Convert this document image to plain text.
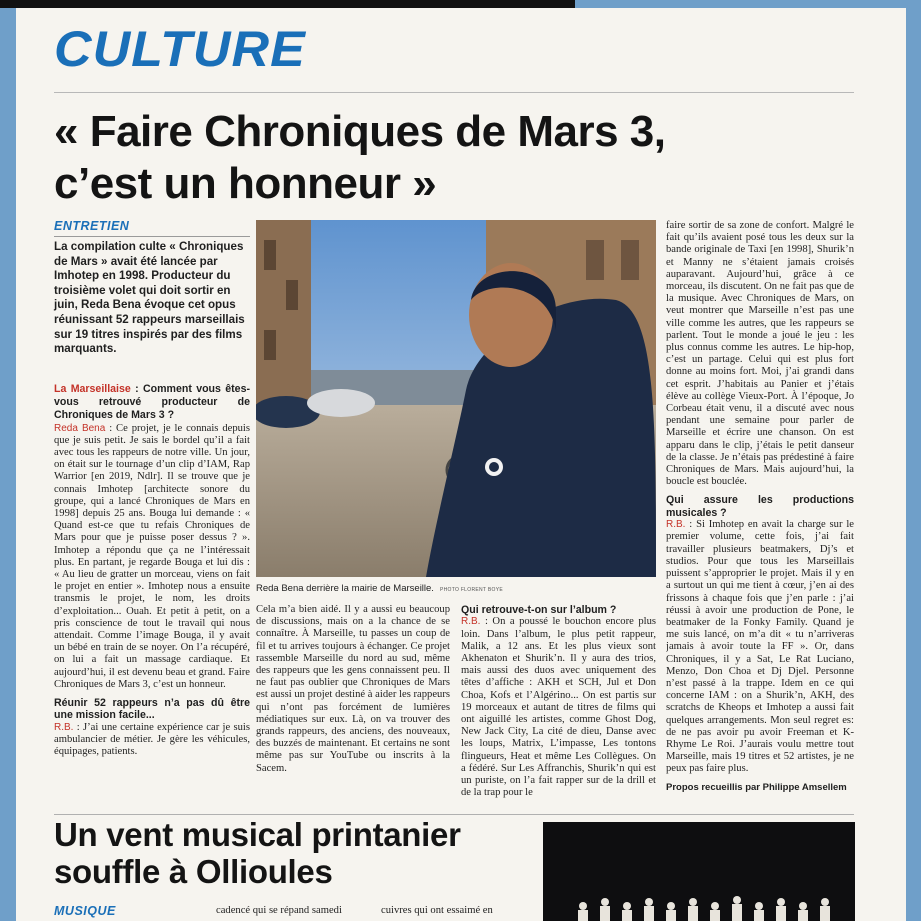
CULTURE
« Faire Chroniques de Mars 3,
c’est un honneur »
ENTRETIEN

La compilation culte « Chroniques de Mars » avait été lancée par Imhotep en 1998. Producteur du troisième volet qui doit sortir en juin, Reda Bena évoque cet opus réunissant 52 rappeurs marseillais sur 19 titres inspirés par des films marquants.

La Marseillaise : Comment vous êtes-vous retrouvé producteur de Chroniques de Mars 3 ?

Reda Bena : Ce projet, je le connais depuis que je suis petit. Je sais le bordel qu’il a fait avec tous les rappeurs de notre ville. Un jour, on était sur le tournage d’un clip d’IAM, Rap Warrior [en 2019, Ndlr]. Il se trouve que je connais Imhotep [architecte sonore du groupe, qui a lancé Chroniques de Mars en 1998] depuis 25 ans. Bouga lui demande : « Quand est-ce que tu refais Chroniques de Mars pour que je puisse poser dessus ? ». Imhotep a répondu que ça ne l’intéressait plus. En partant, je regarde Bouga et lui dis : « Au lieu de gratter un morceau, viens on fait le projet en entier ». Imhotep nous a ensuite transmis le projet, le nom, les droits d’exploitation... Ouah. Et petit à petit, on a pris conscience de tout le travail qui nous attendait. Comme l’image Bouga, il y avait un bébé en train de se noyer. On l’a récupéré, on lui a fait un massage cardiaque. Et aujourd’hui, il est devenu beau et grand. Faire Chroniques de Mars 3, c’est un honneur.

Réunir 52 rappeurs n’a pas dû être une mission facile...

R.B. : J’ai une certaine expérience car je suis ambulancier de métier. Je gère les véhicules, équipages, patients.

Reda Bena derrière la mairie de Marseille. PHOTO FLORENT BOYE

Cela m’a bien aidé. Il y a aussi eu beaucoup de discussions, mais on a la chance de se connaître. À Marseille, tu passes un coup de fil et tu arrives toujours à échanger. Ce projet rassemble Marseille du nord au sud, même des rappeurs que les gens connaissent peu. Il ne faut pas oublier que Chroniques de Mars est aussi un projet destiné à aider les rappeurs qui n’ont pas forcément de lumières médiatiques sur eux. Là, on va trouver des grands rappeurs, des anciens, des nouveaux, des buzzés de maintenant. Et certains ne sont même pas sur YouTube ou inscrits à la Sacem.

Qui retrouve-t-on sur l’album ?

R.B. : On a poussé le bouchon encore plus loin. Dans l’album, le plus petit rappeur, Malik, a 12 ans. Et les plus vieux sont Akhenaton et Shurik’n. Il y aura des trios, mais aussi des duos avec uniquement des têtes d’affiche : AKH et SCH, Jul et Don Choa, Kofs et l’Algérino... On est partis sur 19 morceaux et autant de titres de films qui ont aiguillé les artistes, comme Ghost Dog, New Jack City, La cité de dieu, Danse avec les loups, Matrix, L’impasse, Les tontons flingueurs, Heat et même Les Collègues. On a fédéré. Sur Les Affranchis, Shurik’n qui est un puriste, on l’a fait rapper sur de la drill et de la trap pour le

faire sortir de sa zone de confort. Malgré le fait qu’ils avaient posé tous les deux sur la bande originale de Taxi [en 1998], Shurik’n et Manny ne s’étaient jamais croisés auparavant. Aujourd’hui, grâce à ce morceau, ils discutent. On ne fait pas que de la musique. Avec Chroniques de Mars, on veut montrer que Marseille n’est pas une ville comme les autres, que les rappeurs se parlent. Tout le monde a joué le jeu : les plus connus comme les autres. Le hip-hop, c’est un partage. Celui qui est plus fort donne au moins fort. Moi, j’ai grandi dans cet esprit. J’habitais au Panier et j’étais élève au collège Vieux-Port. À l’époque, Jo Corbeau était venu, il a discuté avec nous pendant une semaine pour parler de Marseille et écrire une chanson. On est apparu dans le clip, j’étais le petit danseur de la classe. Je n’étais pas prédestiné à faire Chroniques de Mars. Mais aujourd’hui, la boucle est bouclée.

Qui assure les productions musicales ?

R.B. : Si Imhotep en avait la charge sur le premier volume, cette fois, j’ai fait travailler plusieurs beatmakers, Dj’s et studios. Pour que tous les Marseillais puissent s’approprier le projet. Mais il y en a surtout un qui me tient à cœur, j’en ai des frissons à chaque fois que j’en parle : j’ai réussi à avoir une production de Pone, le beatmaker de la Fonky Family. Quand je me suis lancé, on m’a dit « tu n’arriveras jamais à avoir toute la FF ». Or, dans Chroniques, il y a Sat, Le Rat Luciano, Menzo, Don Choa et Dj Djel. Personne n’est passé à la trappe. Idem en ce qui concerne IAM : on a Shurik’n, AKH, des scratchs de Kheops et Imhotep a aussi fait quelques arrangements. Mon seul regret es: de ne pas avoir pu avoir Freeman et K-Rhyme Le Roi. J’aurais voulu mettre tout Marseille, mais 19 titres et 52 artistes, je ne peux pas faire plus.

Propos recueillis par Philippe Amsellem

Un vent musical printanier
souffle à Ollioules
MUSIQUE	cadencé qui se répand samedi	cuivres qui ont essaimé en
